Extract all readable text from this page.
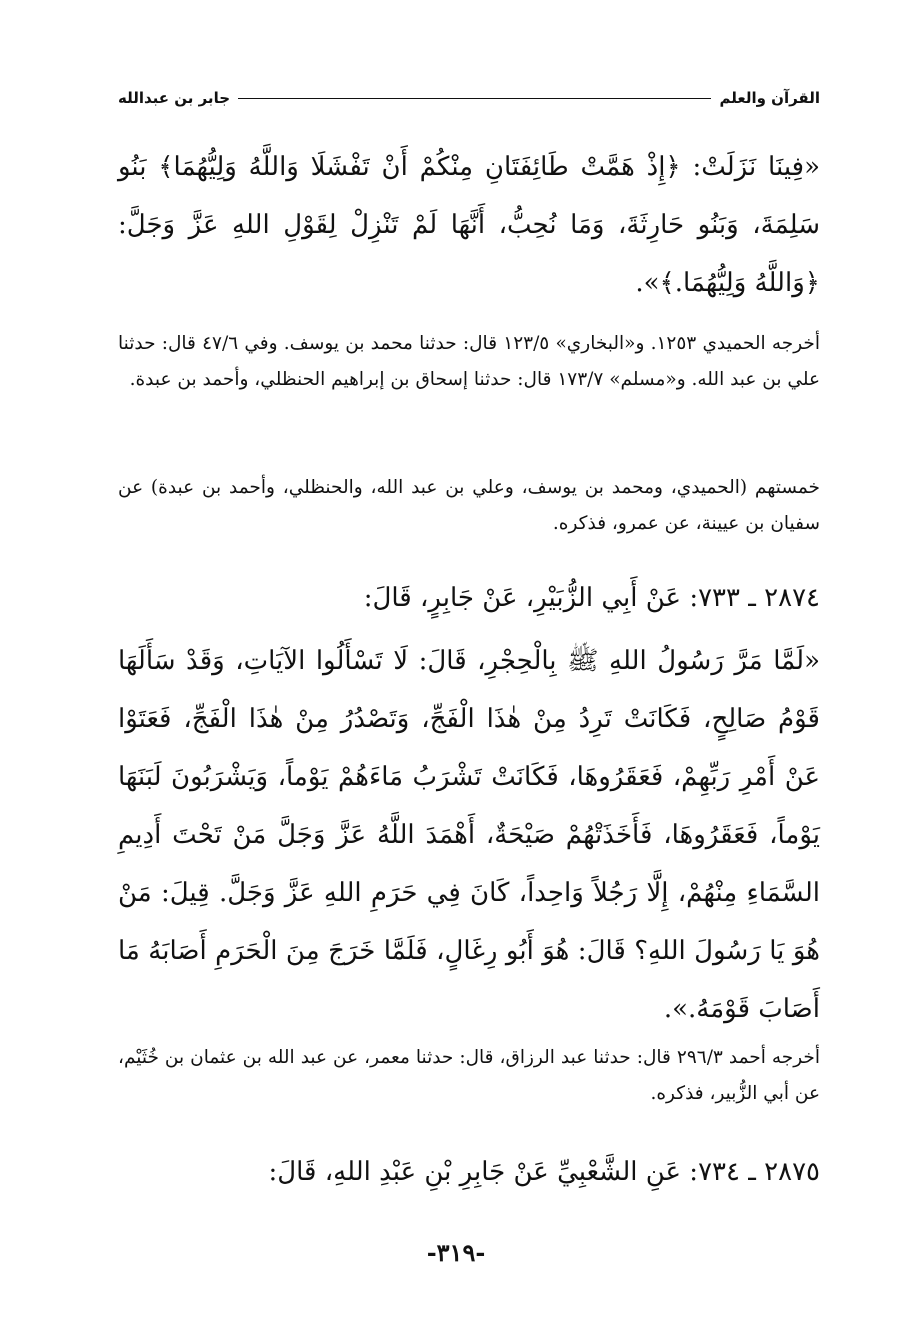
القرآن والعلم
جابر بن عبدالله
«فِينَا نَزَلَتْ: ﴿إِذْ هَمَّتْ طَائِفَتَانِ مِنْكُمْ أَنْ تَفْشَلَا وَاللَّهُ وَلِيُّهُمَا﴾ بَنُو سَلِمَةَ، وَبَنُو حَارِثَةَ، وَمَا نُحِبُّ، أَنَّهَا لَمْ تَنْزِلْ لِقَوْلِ اللهِ عَزَّ وَجَلَّ: ﴿وَاللَّهُ وَلِيُّهُمَا.﴾».
أخرجه الحميدي ١٢٥٣. و«البخاري» ١٢٣/٥ قال: حدثنا محمد بن يوسف. وفي ٤٧/٦ قال: حدثنا علي بن عبد الله. و«مسلم» ١٧٣/٧ قال: حدثنا إسحاق بن إبراهيم الحنظلي، وأحمد بن عبدة.
خمستهم (الحميدي، ومحمد بن يوسف، وعلي بن عبد الله، والحنظلي، وأحمد بن عبدة) عن سفيان بن عيينة، عن عمرو، فذكره.
٢٨٧٤ ـ ٧٣٣: عَنْ أَبِي الزُّبَيْرِ، عَنْ جَابِرٍ، قَالَ:
«لَمَّا مَرَّ رَسُولُ اللهِ ﷺ بِالْحِجْرِ، قَالَ: لَا تَسْأَلُوا الآيَاتِ، وَقَدْ سَأَلَهَا قَوْمُ صَالِحٍ، فَكَانَتْ تَرِدُ مِنْ هٰذَا الْفَجِّ، وَتَصْدُرُ مِنْ هٰذَا الْفَجِّ، فَعَتَوْا عَنْ أَمْرِ رَبِّهِمْ، فَعَقَرُوهَا، فَكَانَتْ تَشْرَبُ مَاءَهُمْ يَوْماً، وَيَشْرَبُونَ لَبَنَهَا يَوْماً، فَعَقَرُوهَا، فَأَخَذَتْهُمْ صَيْحَةٌ، أَهْمَدَ اللَّهُ عَزَّ وَجَلَّ مَنْ تَحْتَ أَدِيمِ السَّمَاءِ مِنْهُمْ، إِلَّا رَجُلاً وَاحِداً، كَانَ فِي حَرَمِ اللهِ عَزَّ وَجَلَّ. قِيلَ: مَنْ هُوَ يَا رَسُولَ اللهِ؟ قَالَ: هُوَ أَبُو رِغَالٍ، فَلَمَّا خَرَجَ مِنَ الْحَرَمِ أَصَابَهُ مَا أَصَابَ قَوْمَهُ.».
أخرجه أحمد ٢٩٦/٣ قال: حدثنا عبد الرزاق، قال: حدثنا معمر، عن عبد الله بن عثمان بن خُثَيْم، عن أبي الزُّبير، فذكره.
٢٨٧٥ ـ ٧٣٤: عَنِ الشَّعْبِيِّ عَنْ جَابِرِ بْنِ عَبْدِ اللهِ، قَالَ:
-٣١٩-
